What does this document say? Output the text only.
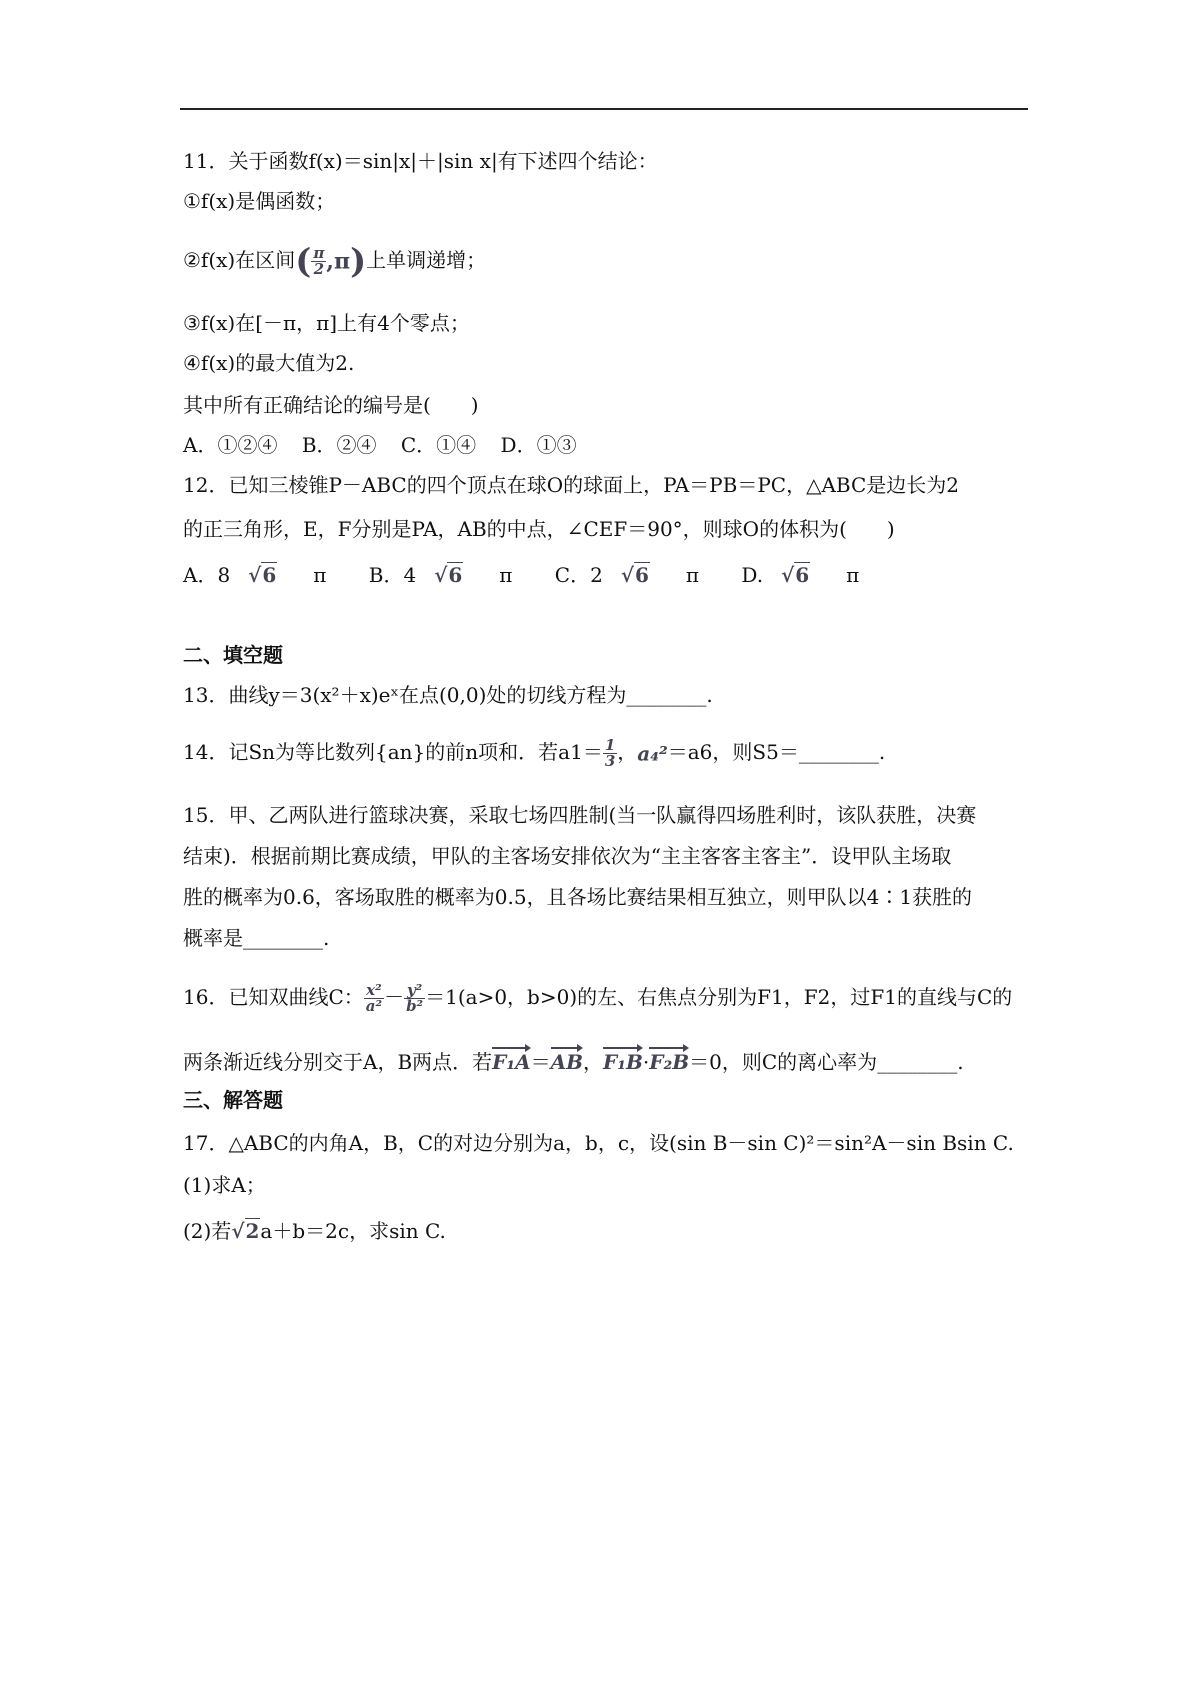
11．关于函数f(x)＝sin|x|＋|sin x|有下述四个结论：
①f(x)是偶函数；
②f(x)在区间( $\frac{\pi}{2} ,\pi$)上单调递增；
③f(x)在[－π，π]上有4个零点；
④f(x)的最大值为2.
其中所有正确结论的编号是(　　)
A．①②④ B．②④ C．①④ D．①③
12．已知三棱锥P－ABC的四个顶点在球O的球面上，PA＝PB＝PC，△ABC是边长为2
的正三角形，E，F分别是PA，AB的中点，∠CEF＝90°，则球O的体积为(　　)
A．8 √6 π B．4 √6 π C．2 √6 π D. √6 π
二、填空题
13．曲线y＝3(x²＋x)eˣ在点(0,0)处的切线方程为________.
14．记Sn为等比数列{an}的前n项和．若$a1= \frac{1}{3}$ ，a₄²＝a6，则S5＝________.
15．甲、乙两队进行篮球决赛，采取七场四胜制(当一队赢得四场胜利时，该队获胜，决赛
结束)．根据前期比赛成绩，甲队的主客场安排依次为“主主客客主客主”．设甲队主场取
胜的概率为0.6，客场取胜的概率为0.5，且各场比赛结果相互独立，则甲队以4∶1获胜的
概率是________.
16．已知双曲线C： $\frac{\text{x²}}{\text{a²}} - \frac{\text{y²}}{\text{b²}} =1(a>0$，b>0)的左、右焦点分别为F1，F2，过F1的直线与C的
两条渐近线分别交于A，B两点．若F₁A＝AB，F₁B·F₂B＝0，则C的离心率为________.
三、解答题
17．△ABC的内角A，B，C的对边分别为a，b，c，设(sin B－sin C)²＝sin²A－sin Bsin C.
(1)求A；
(2)若√2a＋b＝2c，求sin C.
